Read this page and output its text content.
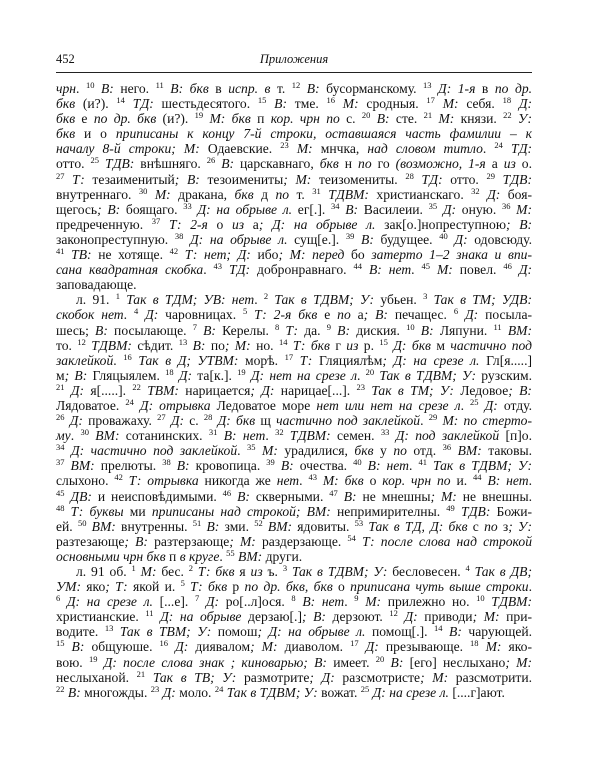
452	Приложения
чрн. $^{10}$ В: него. $^{11}$ В: бкв в испр. в т. $^{12}$ В: бусорманскому. $^{13}$ Д: 1-я в по др.
бкв (и?). $^{14}$ ТД: шестьдесятого. $^{15}$ В: тме. $^{16}$ М: сродныя. $^{17}$ М: себя. $^{18}$ Д:
бкв е по др. бкв (и?). $^{19}$ М: бкв п кор. чрн по с. $^{20}$ В: сте. $^{21}$ М: князи. $^{22}$ У:
бкв и о приписаны к концу 7-й строки, оставшаяся часть фамилии – к
началу 8-й строки; М: Одаевские. $^{23}$ М: мнчка, над словом титло. $^{24}$ ТД:
отто. $^{25}$ ТДВ: внѣшняго. $^{26}$ В: царскавнаго, бкв н по го (возможно, 1-я а из о.
$^{27}$ Т: тезаименитый; В: тезоимениты; М: теизомениты. $^{28}$ ТД: отто. $^{29}$ ТДВ:
внутреннаго. $^{30}$ М: дракана, бкв д по т. $^{31}$ ТДВМ: христианскаго. $^{32}$ Д: боя-
щегось; В: боящаго. $^{33}$ Д: на обрыве л. ег[.]. $^{34}$ В: Василеии. $^{35}$ Д: оную. $^{36}$ М:
предреченную. $^{37}$ Т: 2-я о из а; Д: на обрыве л. зак[о.]нопреступною; В:
законопреступную. $^{38}$ Д: на обрыве л. сущ[е.]. $^{39}$ В: будущее. $^{40}$ Д: одовсюду.
$^{41}$ ТВ: не хотяще. $^{42}$ Т: нет; Д: ибо; М: перед бо затерто 1–2 знака и впи-
сана квадратная скобка. $^{43}$ ТД: добронравнаго. $^{44}$ В: нет. $^{45}$ М: повел. $^{46}$ Д:
заповадающе.
л. 91. $^1$ Так в ТДМ; УВ: нет. $^2$ Так в ТДВМ; У: убьен. $^3$ Так в ТМ; УДВ:
скобок нет. $^4$ Д: чаровницах. $^5$ Т: 2-я бкв е по а; В: печащес. $^6$ Д: посыла-
шесь; В: посылающе. $^7$ В: Керелы. $^8$ Т: да. $^9$ В: диския. $^{10}$ В: Ляпуни. $^{11}$ ВМ:
то. $^{12}$ ТДВМ: сѣдит. $^{13}$ В: по; М: но. $^{14}$ Т: бкв г из р. $^{15}$ Д: бкв м частично под
заклейкой. $^{16}$ Так в Д; УТВМ: морѣ. $^{17}$ Т: Гляциялѣм; Д: на срезе л. Гл[я.....]
м; В: Гляцыялем. $^{18}$ Д: та[к.]. $^{19}$ Д: нет на срезе л. $^{20}$ Так в ТДВМ; У: рузским.
$^{21}$ Д: я[.....]. $^{22}$ ТВМ: нарицается; Д: нарицае[...]. $^{23}$ Так в ТМ; У: Ледовое; В:
Лядоватое. $^{24}$ Д: отрывка Ледоватое море нет или нет на срезе л. $^{25}$ Д: отду.
$^{26}$ Д: проважаху. $^{27}$ Д: с. $^{28}$ Д: бкв щ частично под заклейкой. $^{29}$ М: по стерто-
му. $^{30}$ ВМ: сотанинских. $^{31}$ В: нет. $^{32}$ ТДВМ: семен. $^{33}$ Д: под заклейкой [п]о.
$^{34}$ Д: частично под заклейкой. $^{35}$ М: урадилися, бкв у по отд. $^{36}$ ВМ: таковы.
$^{37}$ ВМ: прелюты. $^{38}$ В: кровопица. $^{39}$ В: очества. $^{40}$ В: нет. $^{41}$ Так в ТДВМ; У:
слыхоно. $^{42}$ Т: отрывка никогда же нет. $^{43}$ М: бкв о кор. чрн по и. $^{44}$ В: нет.
$^{45}$ ДВ: и неисповѣдимыми. $^{46}$ В: скверными. $^{47}$ В: не мнешны; М: не внешны.
$^{48}$ Т: буквы ми приписаны над строкой; ВМ: непримирителны. $^{49}$ ТДВ: Божи-
ей. $^{50}$ ВМ: внутренны. $^{51}$ В: зми. $^{52}$ ВМ: ядовиты. $^{53}$ Так в ТД, Д: бкв с по з; У:
разтезающе; В: разтерзающе; М: раздерзающе. $^{54}$ Т: после слова над строкой
основными чрн бкв п в круге. $^{55}$ ВМ: други.
л. 91 об. $^1$ М: бес. $^2$ Т: бкв я из ъ. $^3$ Так в ТДВМ; У: бесловесен. $^4$ Так в ДВ;
УМ: яко; Т: якой и. $^5$ Т: бкв р по др. бкв, бкв о приписана чуть выше строки.
$^6$ Д: на срезе л. [...е]. $^7$ Д: ро[..л]ося. $^8$ В: нет. $^9$ М: прилежно но. $^{10}$ ТДВМ:
христианские. $^{11}$ Д: на обрыве дерзаю[.]; В: дерзоют. $^{12}$ Д: приводи; М: при-
водите. $^{13}$ Так в ТВМ; У: помош; Д: на обрыве л. помощ[.]. $^{14}$ В: чарующей.
$^{15}$ В: общуюше. $^{16}$ Д: диявалом; М: диаволом. $^{17}$ Д: презывающе. $^{18}$ М: яко-
вою. $^{19}$ Д: после слова знак ; киноварью; В: имеет. $^{20}$ В: [его] неслыхано; М:
неслыханой. $^{21}$ Так в ТВ; У: размотрите; Д: разсмотристе; М: разсмотрити.
$^{22}$ В: многожды. $^{23}$ Д: моло. $^{24}$ Так в ТДВМ; У: вожат. $^{25}$ Д: на срезе л. [....г]ают.
